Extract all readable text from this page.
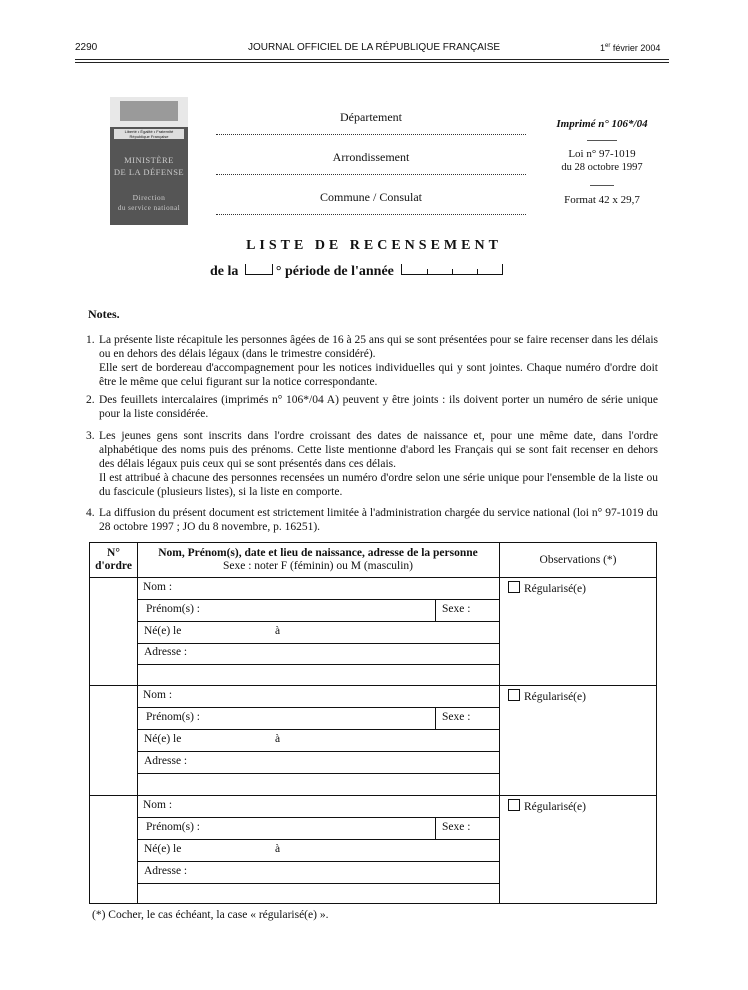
2290	JOURNAL OFFICIEL DE LA RÉPUBLIQUE FRANÇAISE	1er février 2004
Liberté • Égalité • Fraternité
République Française
MINISTÈRE
DE LA DÉFENSE
Direction
du service national
Département
Arrondissement
Commune / Consulat
Imprimé n° 106*/04
Loi n° 97-1019
du 28 octobre 1997
Format 42 x 29,7
LISTE DE RECENSEMENT
de la	° période de l'année
Notes.
1. La présente liste récapitule les personnes âgées de 16 à 25 ans qui se sont présentées pour se faire recenser dans les délais ou en dehors des délais légaux (dans le trimestre considéré).
Elle sert de bordereau d'accompagnement pour les notices individuelles qui y sont jointes. Chaque numéro d'ordre doit être le même que celui figurant sur la notice correspondante.
2. Des feuillets intercalaires (imprimés n° 106*/04 A) peuvent y être joints : ils doivent porter un numéro de série unique pour la liste considérée.
3. Les jeunes gens sont inscrits dans l'ordre croissant des dates de naissance et, pour une même date, dans l'ordre alphabétique des noms puis des prénoms. Cette liste mentionne d'abord les Français qui se sont fait recenser en dehors des délais légaux puis ceux qui se sont présentés dans ces délais.
Il est attribué à chacune des personnes recensées un numéro d'ordre selon une série unique pour l'ensemble de la liste ou du fascicule (plusieurs listes), si la liste en comporte.
4. La diffusion du présent document est strictement limitée à l'administration chargée du service national (loi n° 97-1019 du 28 octobre 1997 ; JO du 8 novembre, p. 16251).
N°
d'ordre
Nom, Prénom(s), date et lieu de naissance, adresse de la personne
Sexe : noter F (féminin) ou M (masculin)	Observations (*)
Nom :
Prénom(s) :	Sexe :
Né(e) le	à
Adresse :
Régularisé(e)
Nom :
Prénom(s) :	Sexe :
Né(e) le	à
Adresse :
Régularisé(e)
Nom :
Prénom(s) :	Sexe :
Né(e) le	à
Adresse :
Régularisé(e)
(*) Cocher, le cas échéant, la case « régularisé(e) ».
